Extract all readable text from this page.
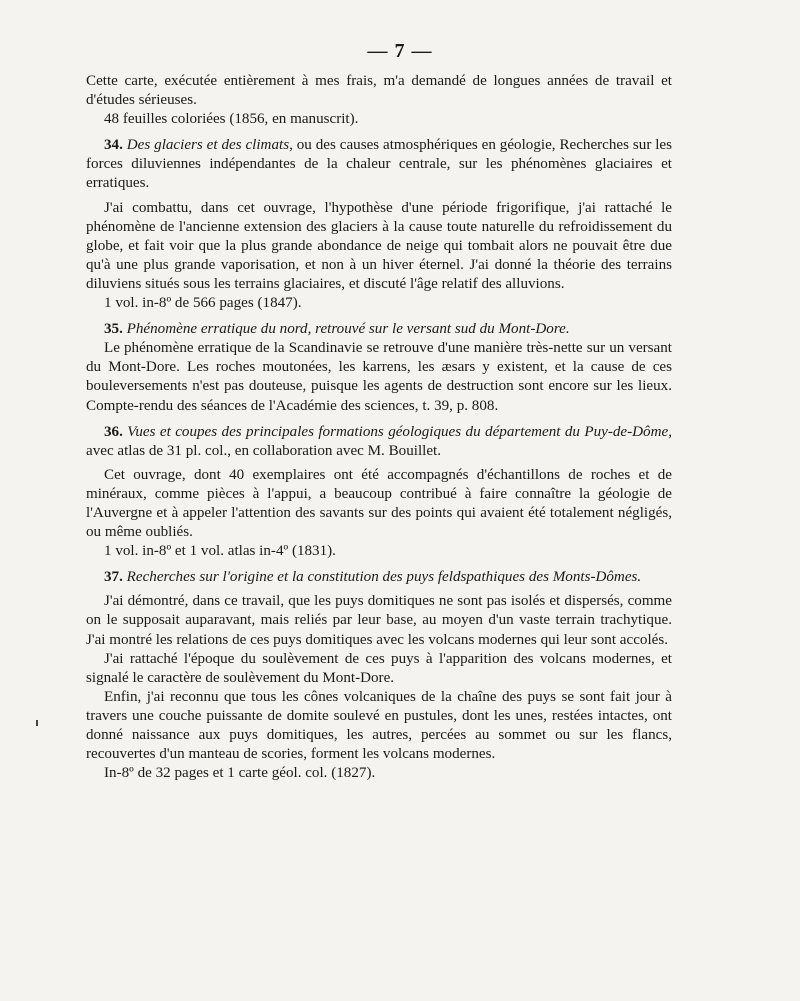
— 7 —

Cette carte, exécutée entièrement à mes frais, m'a demandé de longues années de travail et d'études sérieuses.

48 feuilles coloriées (1856, en manuscrit).

34. Des glaciers et des climats, ou des causes atmosphériques en géologie, Recherches sur les forces diluviennes indépendantes de la chaleur centrale, sur les phénomènes glaciaires et erratiques.

J'ai combattu, dans cet ouvrage, l'hypothèse d'une période frigorifique, j'ai rattaché le phénomène de l'ancienne extension des glaciers à la cause toute naturelle du refroidissement du globe, et fait voir que la plus grande abondance de neige qui tombait alors ne pouvait être due qu'à une plus grande vaporisation, et non à un hiver éternel. J'ai donné la théorie des terrains diluviens situés sous les terrains glaciaires, et discuté l'âge relatif des alluvions.

1 vol. in-8º de 566 pages (1847).

35. Phénomène erratique du nord, retrouvé sur le versant sud du Mont-Dore.

Le phénomène erratique de la Scandinavie se retrouve d'une manière très-nette sur un versant du Mont-Dore. Les roches moutonées, les karrens, les æsars y existent, et la cause de ces bouleversements n'est pas douteuse, puisque les agents de destruction sont encore sur les lieux. Compte-rendu des séances de l'Académie des sciences, t. 39, p. 808.

36. Vues et coupes des principales formations géologiques du département du Puy-de-Dôme, avec atlas de 31 pl. col., en collaboration avec M. Bouillet.

Cet ouvrage, dont 40 exemplaires ont été accompagnés d'échantillons de roches et de minéraux, comme pièces à l'appui, a beaucoup contribué à faire connaître la géologie de l'Auvergne et à appeler l'attention des savants sur des points qui avaient été totalement négligés, ou même oubliés.

1 vol. in-8º et 1 vol. atlas in-4º (1831).

37. Recherches sur l'origine et la constitution des puys feldspathiques des Monts-Dômes.

J'ai démontré, dans ce travail, que les puys domitiques ne sont pas isolés et dispersés, comme on le supposait auparavant, mais reliés par leur base, au moyen d'un vaste terrain trachytique. J'ai montré les relations de ces puys domitiques avec les volcans modernes qui leur sont accolés.

J'ai rattaché l'époque du soulèvement de ces puys à l'apparition des volcans modernes, et signalé le caractère de soulèvement du Mont-Dore.

Enfin, j'ai reconnu que tous les cônes volcaniques de la chaîne des puys se sont fait jour à travers une couche puissante de domite soulevé en pustules, dont les unes, restées intactes, ont donné naissance aux puys domitiques, les autres, percées au sommet ou sur les flancs, recouvertes d'un manteau de scories, forment les volcans modernes.

In-8º de 32 pages et 1 carte géol. col. (1827).
